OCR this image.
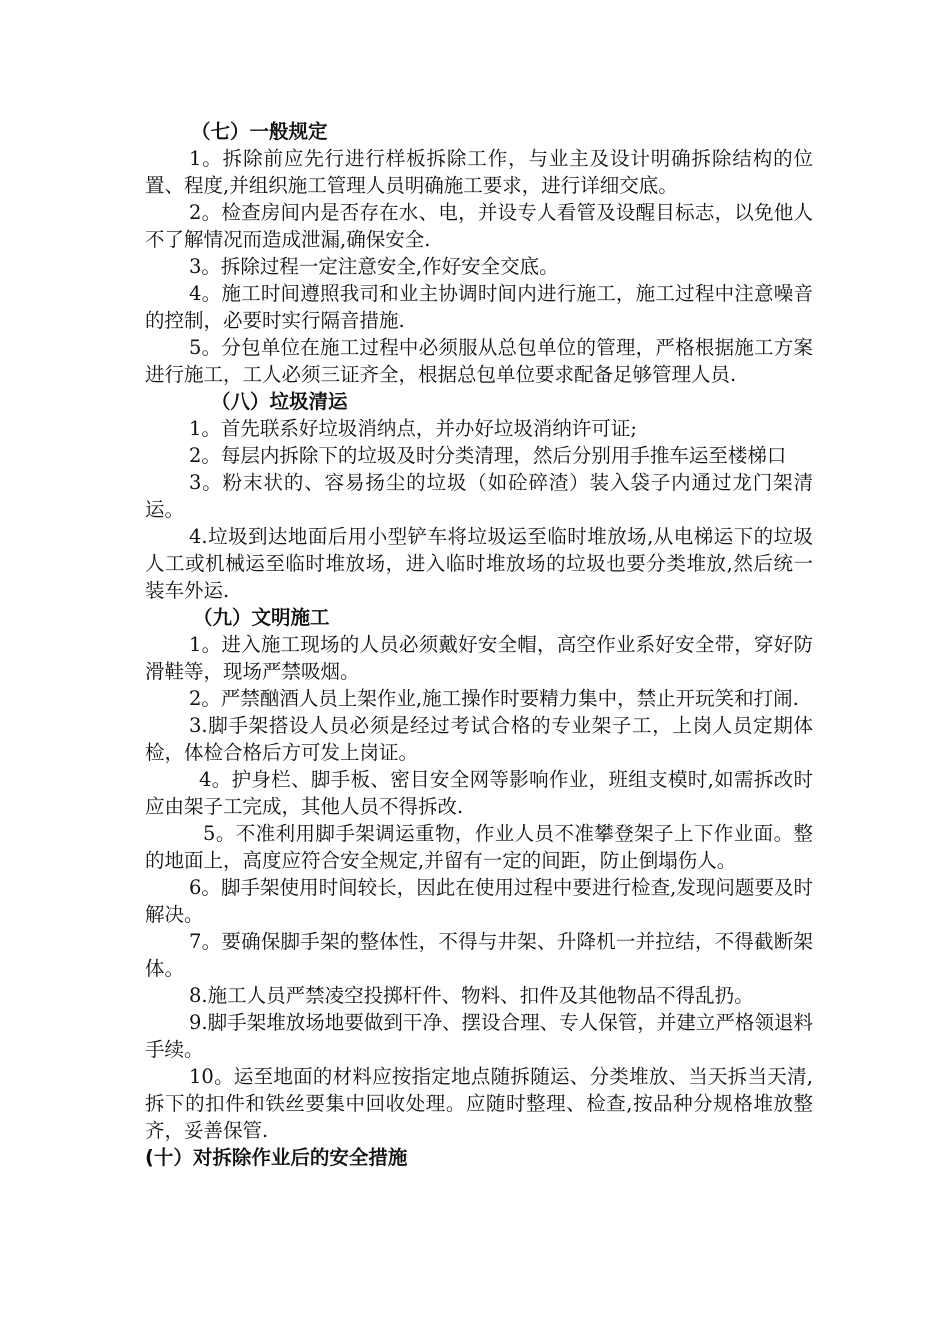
（七）一般规定
1。拆除前应先行进行样板拆除工作，与业主及设计明确拆除结构的位置、程度,并组织施工管理人员明确施工要求，进行详细交底。
2。检查房间内是否存在水、电，并设专人看管及设醒目标志，以免他人不了解情况而造成泄漏,确保安全.
3。拆除过程一定注意安全,作好安全交底。
4。施工时间遵照我司和业主协调时间内进行施工，施工过程中注意噪音的控制，必要时实行隔音措施.
5。分包单位在施工过程中必须服从总包单位的管理，严格根据施工方案进行施工，工人必须三证齐全，根据总包单位要求配备足够管理人员.
（八）垃圾清运
1。首先联系好垃圾消纳点，并办好垃圾消纳许可证;
2。每层内拆除下的垃圾及时分类清理，然后分别用手推车运至楼梯口
3。粉末状的、容易扬尘的垃圾（如砼碎渣）装入袋子内通过龙门架清运。
4.垃圾到达地面后用小型铲车将垃圾运至临时堆放场,从电梯运下的垃圾人工或机械运至临时堆放场，进入临时堆放场的垃圾也要分类堆放,然后统一装车外运.
（九）文明施工
1。进入施工现场的人员必须戴好安全帽，高空作业系好安全带，穿好防滑鞋等，现场严禁吸烟。
2。严禁酗酒人员上架作业,施工操作时要精力集中，禁止开玩笑和打闹.
3.脚手架搭设人员必须是经过考试合格的专业架子工，上岗人员定期体检，体检合格后方可发上岗证。
4。护身栏、脚手板、密目安全网等影响作业，班组支模时,如需拆改时应由架子工完成，其他人员不得拆改.
5。不准利用脚手架调运重物，作业人员不准攀登架子上下作业面。整的地面上，高度应符合安全规定,并留有一定的间距，防止倒塌伤人。
6。脚手架使用时间较长，因此在使用过程中要进行检查,发现问题要及时解决。
7。要确保脚手架的整体性，不得与井架、升降机一并拉结，不得截断架体。
8.施工人员严禁凌空投掷杆件、物料、扣件及其他物品不得乱扔。
9.脚手架堆放场地要做到干净、摆设合理、专人保管，并建立严格领退料手续。
10。运至地面的材料应按指定地点随拆随运、分类堆放、当天拆当天清,拆下的扣件和铁丝要集中回收处理。应随时整理、检查,按品种分规格堆放整齐，妥善保管.
(十）对拆除作业后的安全措施
